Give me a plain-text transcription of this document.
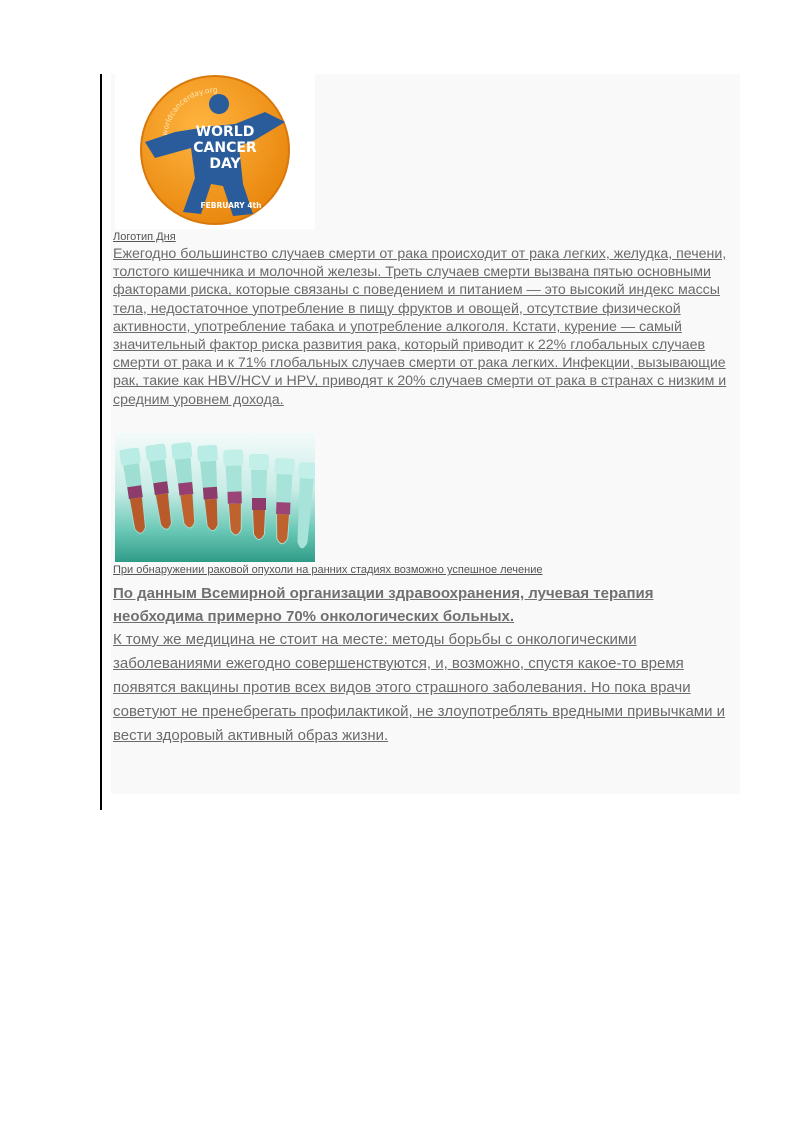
worldcancerday.org
WORLD
CANCER
DAY
FEBRUARY 4th
Логотип Дня

Ежегодно большинство случаев смерти от рака происходит от рака легких, желудка, печени, толстого кишечника и молочной железы. Треть случаев смерти вызвана пятью основными факторами риска, которые связаны с поведением и питанием — это высокий индекс массы тела, недостаточное употребление в пищу фруктов и овощей, отсутствие физической активности, употребление табака и употребление алкоголя. Кстати, курение — самый значительный фактор риска развития рака, который приводит к 22% глобальных случаев смерти от рака и к 71% глобальных случаев смерти от рака легких. Инфекции, вызывающие рак, такие как HBV/HCV и HPV, приводят к 20% случаев смерти от рака в странах с низким и средним уровнем дохода.

При обнаружении раковой опухоли на ранних стадиях возможно успешное лечение

По данным Всемирной организации здравоохранения, лучевая терапия необходима примерно 70% онкологических больных.

К тому же медицина не стоит на месте: методы борьбы с онкологическими заболеваниями ежегодно совершенствуются, и, возможно, спустя какое-то время появятся вакцины против всех видов этого страшного заболевания. Но пока врачи советуют не пренебрегать профилактикой, не злоупотреблять вредными привычками и вести здоровый активный образ жизни.
